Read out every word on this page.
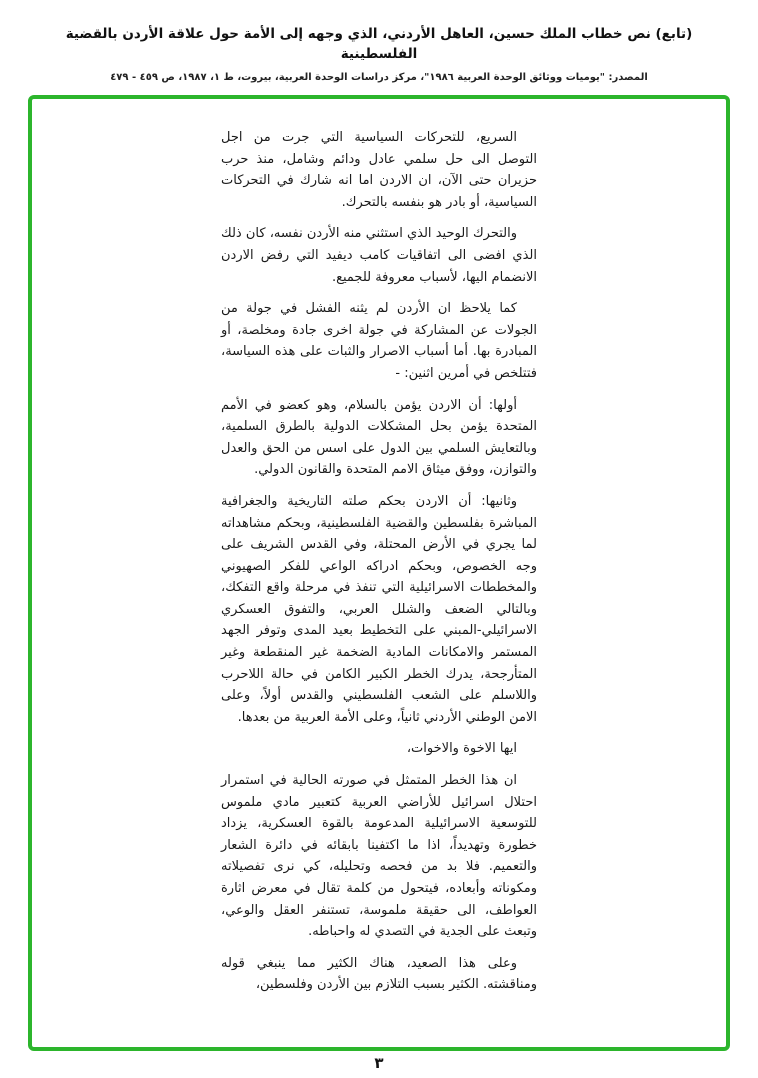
(تابع) نص خطاب الملك حسين، العاهل الأردني، الذي وجهه إلى الأمة حول علاقة الأردن بالقضية الفلسطينية
المصدر: "يوميات ووثائق الوحدة العربية ١٩٨٦"، مركز دراسات الوحدة العربية، بيروت، ط ١، ١٩٨٧، ص ٤٥٩ - ٤٧٩

السريع، للتحركات السياسية التي جرت من اجل التوصل الى حل سلمي عادل ودائم وشامل، منذ حرب حزيران حتى الآن، ان الاردن اما انه شارك في التحركات السياسية، أو بادر هو بنفسه بالتحرك.

والتحرك الوحيد الذي استثني منه الأردن نفسه، كان ذلك الذي افضى الى اتفاقيات كامب ديفيد التي رفض الاردن الانضمام اليها، لأسباب معروفة للجميع.

كما يلاحظ ان الأردن لم يثنه الفشل في جولة من الجولات عن المشاركة في جولة اخرى جادة ومخلصة، أو المبادرة بها. أما أسباب الاصرار والثبات على هذه السياسة، فتتلخص في أمرين اثنين: -

أولها: أن الاردن يؤمن بالسلام، وهو كعضو في الأمم المتحدة يؤمن بحل المشكلات الدولية بالطرق السلمية، وبالتعايش السلمي بين الدول على اسس من الحق والعدل والتوازن، ووفق ميثاق الامم المتحدة والقانون الدولي.

وثانيها: أن الاردن بحكم صلته التاريخية والجغرافية المباشرة بفلسطين والقضية الفلسطينية، وبحكم مشاهداته لما يجري في الأرض المحتلة، وفي القدس الشريف على وجه الخصوص، وبحكم ادراكه الواعي للفكر الصهيوني والمخططات الاسرائيلية التي تنفذ في مرحلة واقع التفكك، وبالتالي الضعف والشلل العربي، والتفوق العسكري الاسرائيلي-المبني على التخطيط بعيد المدى وتوفر الجهد المستمر والامكانات المادية الضخمة غير المنقطعة وغير المتأرجحة، يدرك الخطر الكبير الكامن في حالة اللاحرب واللاسلم على الشعب الفلسطيني والقدس أولاً، وعلى الامن الوطني الأردني ثانياً، وعلى الأمة العربية من بعدها.

ايها الاخوة والاخوات،

ان هذا الخطر المتمثل في صورته الحالية في استمرار احتلال اسرائيل للأراضي العربية كتعبير مادي ملموس للتوسعية الاسرائيلية المدعومة بالقوة العسكرية، يزداد خطورة وتهديداً، اذا ما اكتفينا بابقائه في دائرة الشعار والتعميم. فلا بد من فحصه وتحليله، كي نرى تفصيلاته ومكوناته وأبعاده، فيتحول من كلمة تقال في معرض اثارة العواطف، الى حقيقة ملموسة، تستنفر العقل والوعي، وتبعث على الجدية في التصدي له واحباطه.

وعلى هذا الصعيد، هناك الكثير مما ينبغي قوله ومناقشته. الكثير بسبب التلازم بين الأردن وفلسطين،

٣
